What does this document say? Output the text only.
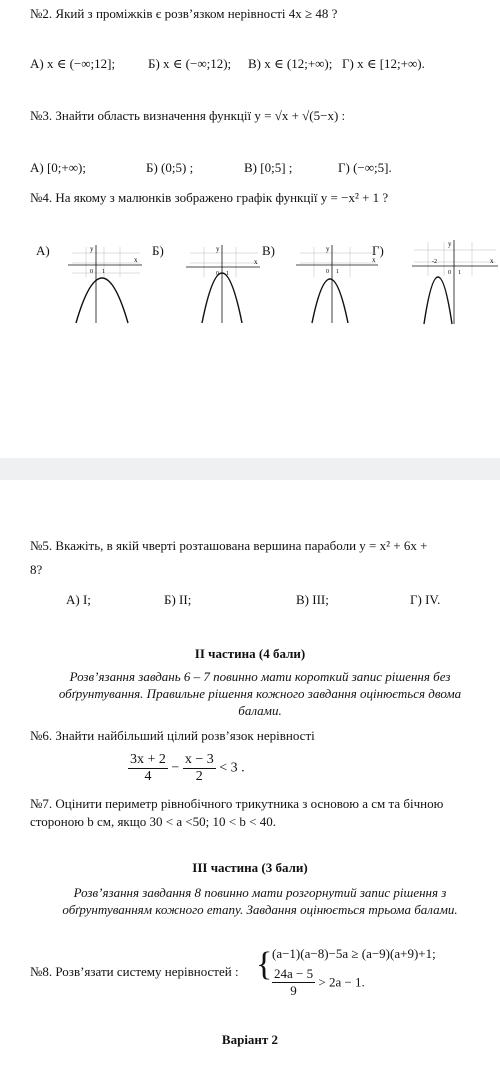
№2. Який з проміжків є розв’язком нерівності 4x ≥ 48 ?
А) x ∈ (−∞;12];	Б) x ∈ (−∞;12); В) x ∈ (12;+∞); Г) x ∈ [12;+∞).
№3. Знайти область визначення функції y = √x + √(5−x) :
А) [0;+∞);	Б) (0;5) ;	В) [0;5] ;	Г) (−∞;5].
№4. На якому з малюнків зображено графік функції y = −x² + 1 ?
А)	Б)	В)	Г)
x
y
0 1
x
y
0 1
x
y
0 1
x
y
-2
0 1
№5. Вкажіть, в якій чверті розташована вершина параболи y = x² + 6x +
8?
А) I;	Б) II;	В) III;	Г) IV.
II частина (4 бали)
Розв’язання завдань 6 – 7 повинно мати короткий запис рішення без обґрунтування. Правильне рішення кожного завдання оцінюється двома балами.
№6. Знайти найбільший цілий розв’язок нерівності
$\frac{3x + 2}{4} - \frac{x - 3}{2} < 3$ .
№7. Оцінити периметр рівнобічного трикутника з основою a см та бічною
стороною b см, якщо 30 < a <50; 10 < b < 40.
III частина (3 бали)
Розв’язання завдання 8 повинно мати розгорнутий запис рішення з обґрунтуванням кожного етапу. Завдання оцінюється трьома балами.
№8. Розв’язати систему нерівностей : { (a−1)(a−8)−5a ≥ (a−9)(a+9)+1;
$\frac{24a - 5}{9} > 2a - 1$.
Варіант 2
